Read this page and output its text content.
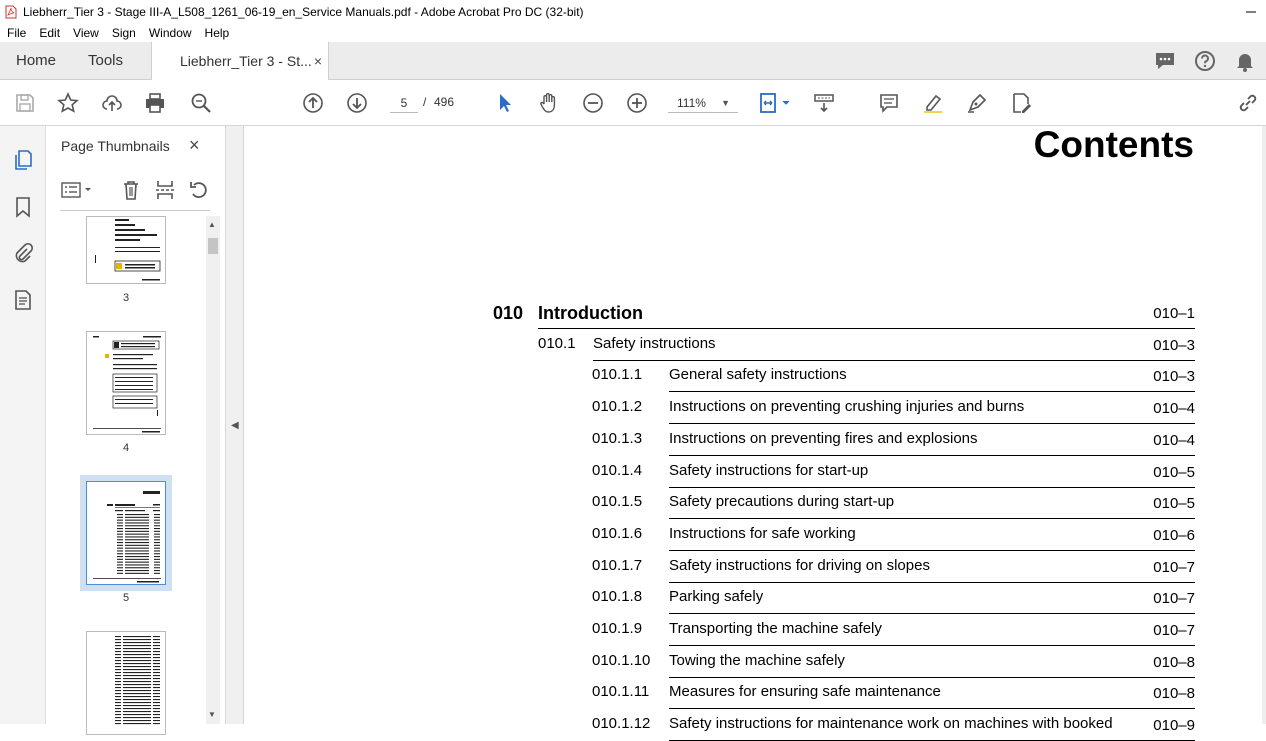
Liebherr_Tier 3 - Stage III-A_L508_1261_06-19_en_Service Manuals.pdf - Adobe Acrobat Pro DC (32-bit)
File Edit View Sign Window Help
Home Tools	Liebherr_Tier 3 - St... ×
5
/ 496	111% ▼
Page Thumbnails ×
3
4
5
▲
▼
◀
Contents
010 Introduction	010–1
010.1 Safety instructions	010–3
010.1.1 General safety instructions	010–3
010.1.2 Instructions on preventing crushing injuries and burns	010–4
010.1.3 Instructions on preventing fires and explosions	010–4
010.1.4 Safety instructions for start-up	010–5
010.1.5 Safety precautions during start-up	010–5
010.1.6 Instructions for safe working	010–6
010.1.7 Safety instructions for driving on slopes	010–7
010.1.8 Parking safely	010–7
010.1.9 Transporting the machine safely	010–7
010.1.10 Towing the machine safely	010–8
010.1.11 Measures for ensuring safe maintenance	010–8
010.1.12 Safety instructions for maintenance work on machines with booked	010–9
